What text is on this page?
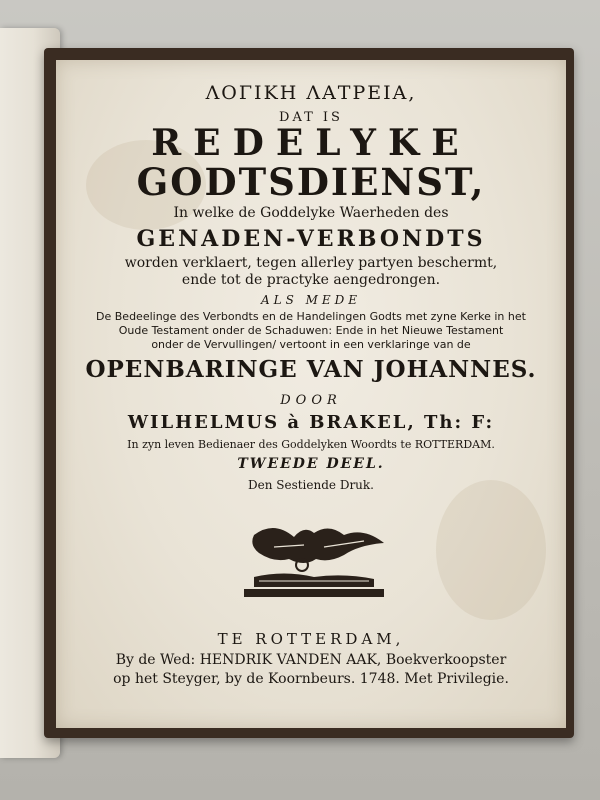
ΛΟΓΙΚΗ ΛΑΤΡΕΙΑ,
DAT IS
REDELYKE
GODTSDIENST,
In welke de Goddelyke Waerheden des
GENADEN-VERBONDTS
worden verklaert, tegen allerley partyen beschermt,
ende tot de practyke aengedrongen.
ALS MEDE
De Bedeelinge des Verbondts en de Handelingen Godts met zyne Kerke in het
Oude Testament onder de Schaduwen: Ende in het Nieuwe Testament
onder de Vervullingen/ vertoont in een verklaringe van de
OPENBARINGE VAN JOHANNES.
DOOR
WILHELMUS à BRAKEL, Th: F:
In zyn leven Bedienaer des Goddelyken Woordts te ROTTERDAM.
TWEEDE DEEL.
Den Sestiende Druk.
TE ROTTERDAM,
By de Wed: HENDRIK VANDEN AAK, Boekverkoopster
op het Steyger, by de Koornbeurs. 1748. Met Privilegie.
